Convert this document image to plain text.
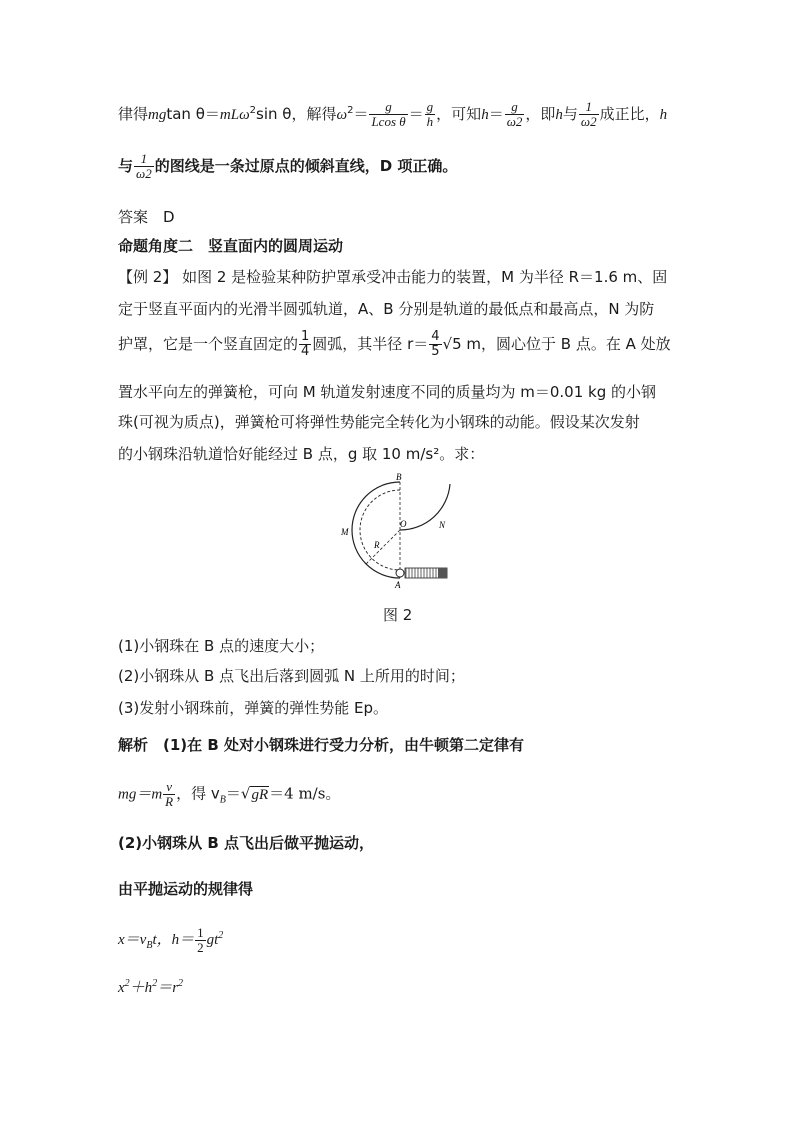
律得mgtan θ＝mLω$^2$sin θ，解得$\omega^2= \frac{g}{\text{Lcos θ}} = \frac{g}{h}$ ，可知$h= \frac{g}{\omega 2}$ ，即h与 $\frac{1}{\omega 2}$ 成正比，h
与 $\frac{1}{\omega 2}$ 的图线是一条过原点的倾斜直线，D 项正确。
答案　D
命题角度二　竖直面内的圆周运动
【例 2】 如图 2 是检验某种防护罩承受冲击能力的装置，M 为半径 R＝1.6 m、固
定于竖直平面内的光滑半圆弧轨道，A、B 分别是轨道的最低点和最高点，N 为防
护罩，它是一个竖直固定的 $\frac{1}{4}$ 圆弧，其半径 $r= \frac{4}{5} √5$ m，圆心位于 B 点。在 A 处放
置水平向左的弹簧枪，可向 M 轨道发射速度不同的质量均为 m＝0.01 kg 的小钢
珠(可视为质点)，弹簧枪可将弹性势能完全转化为小钢珠的动能。假设某次发射
的小钢珠沿轨道恰好能经过 B 点，g 取 10 m/s²。求：
B
M
O	N
R
A
图 2
(1)小钢珠在 B 点的速度大小；
(2)小钢珠从 B 点飞出后落到圆弧 N 上所用的时间；
(3)发射小钢珠前，弹簧的弹性势能 Ep。
解析　(1)在 B 处对小钢珠进行受力分析，由牛顿第二定律有
$mg=m \frac{v}{R}$ ，得 $v_B=√gR=4$ m/s。
(2)小钢珠从 B 点飞出后做平抛运动，
由平抛运动的规律得
$x=v_Bt$，$h= \frac{1}{2} gt^2$
$x^2+h^2=r^2$
